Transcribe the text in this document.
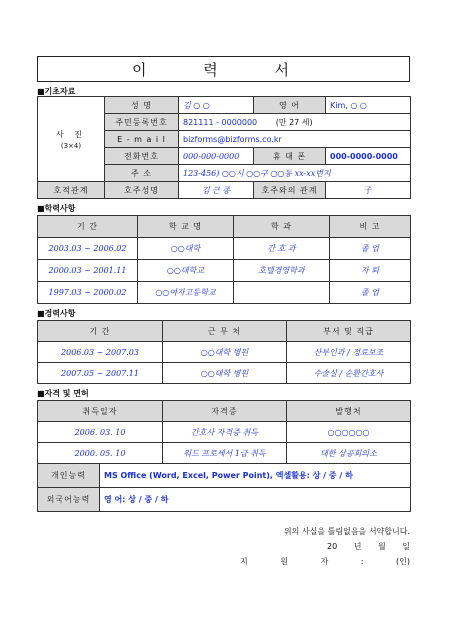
이 력 서
■기초자료
사 진
(3×4)	성 명	김 ○ ○	영 어	Kim, ○ ○
	주민등록번호	821111 - 0000000 (만 27 세)		
	E - m a i l	bizforms@bizforms.co.kr		
	전화번호	000-000-0000	휴 대 폰	000-0000-0000
	주 소	123-456) ○○시 ○○구 ○○동 xx-xx번지		
호적관계	호주성명	김 근 종	호주와의 관계	子
■학력사항
기 간	학 교 명	학 과	비 고
2003.03 ~ 2006.02	○○대학	간 호 과	졸 업
2000.03 ~ 2001.11	○○대학교	호텔경영학과	자 퇴
1997.03 ~ 2000.02	○○여자고등학교		졸 업
■경력사항
기 간	근 무 처	부서 및 직급
2006.03 ~ 2007.03	○○대학 병원	산부인과 / 정료보조
2007.05 ~ 2007.11	○○대학 병원	수술실 / 순환간호사
■자격 및 면허
취득일자	자격증	발행처
2006. 03. 10	간호사 자격증 취득	○○○○○○
2000. 05. 10	워드 프로세서 1급 취득	대한 상공회의소
개인능력	MS Office (Word, Excel, Power Point), 엑셀활용: 상 / 중 / 하
외국어능력	영 어: 상 / 중 / 하
위의 사실을 틀림없음을 서약합니다.
20 년 월 일
지 원 자 : (인)
